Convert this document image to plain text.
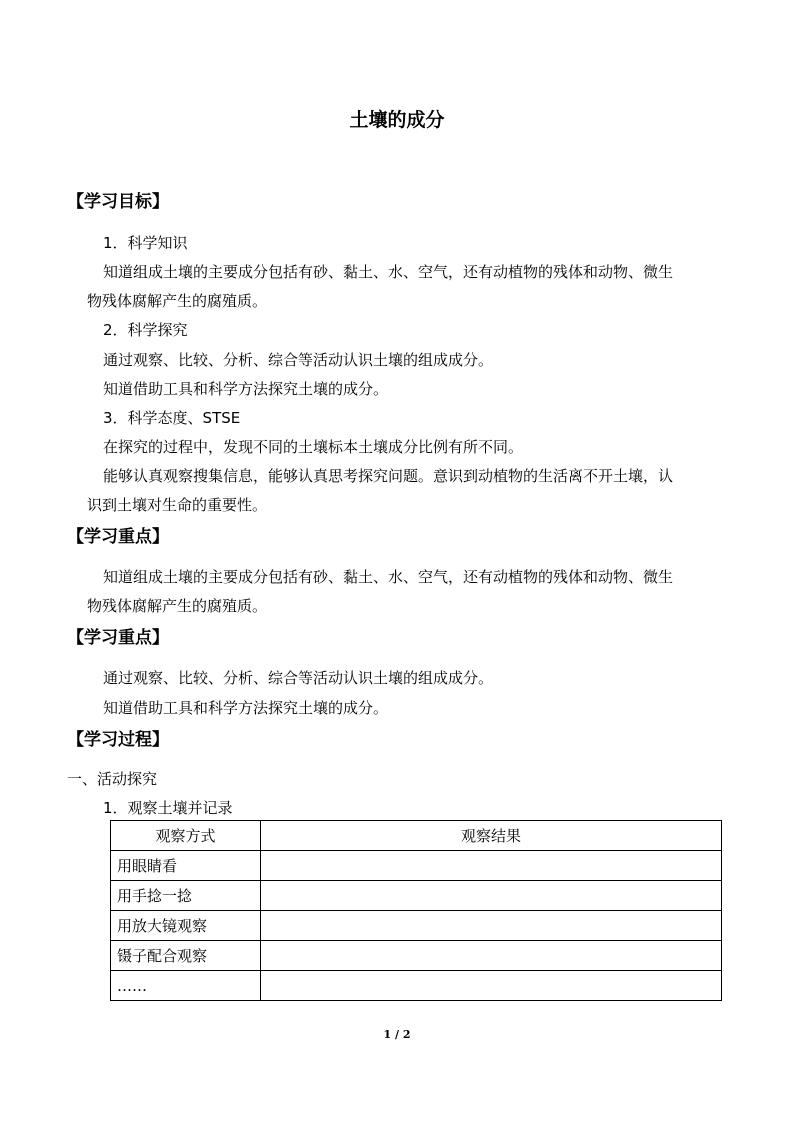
土壤的成分
【学习目标】
1．科学知识
知道组成土壤的主要成分包括有砂、黏土、水、空气，还有动植物的残体和动物、微生
物残体腐解产生的腐殖质。
2．科学探究
通过观察、比较、分析、综合等活动认识土壤的组成成分。
知道借助工具和科学方法探究土壤的成分。
3．科学态度、STSE
在探究的过程中，发现不同的土壤标本土壤成分比例有所不同。
能够认真观察搜集信息，能够认真思考探究问题。意识到动植物的生活离不开土壤，认
识到土壤对生命的重要性。
【学习重点】
知道组成土壤的主要成分包括有砂、黏土、水、空气，还有动植物的残体和动物、微生
物残体腐解产生的腐殖质。
【学习重点】
通过观察、比较、分析、综合等活动认识土壤的组成成分。
知道借助工具和科学方法探究土壤的成分。
【学习过程】
一、活动探究
1．观察土壤并记录
观察方式	观察结果
用眼睛看	
用手捻一捻	
用放大镜观察	
镊子配合观察	
……	
1 / 2
